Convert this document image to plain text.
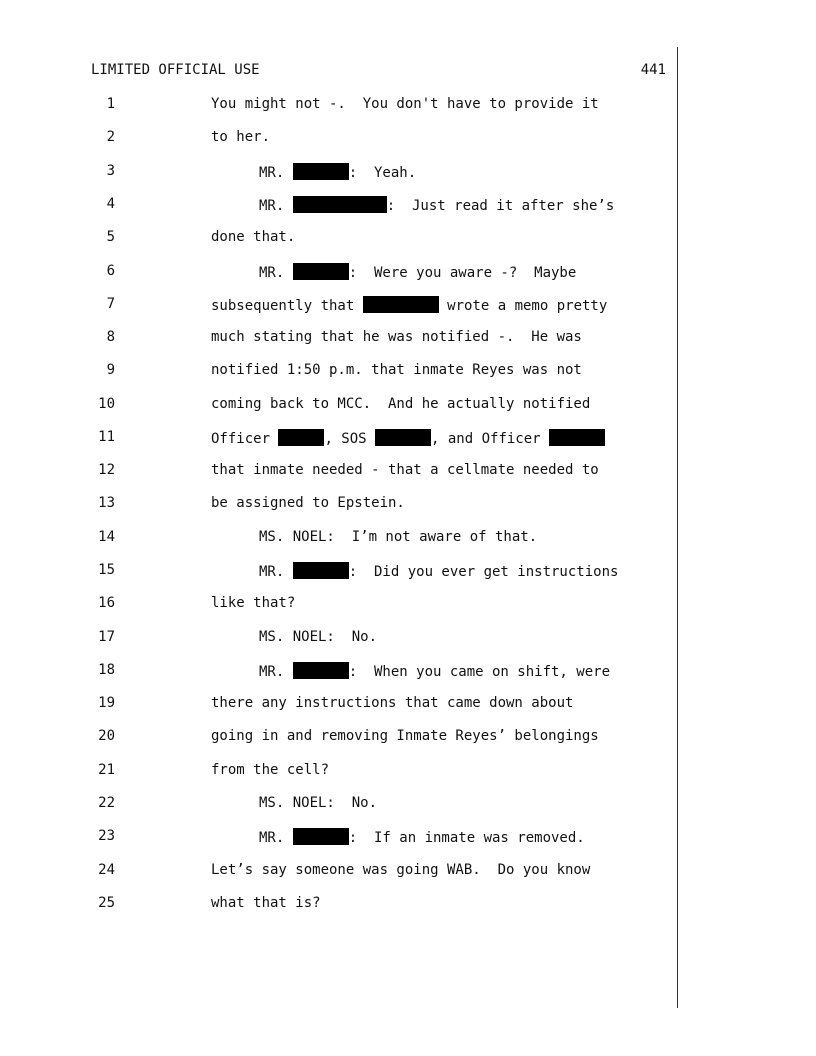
LIMITED OFFICIAL USE	441
1	You might not -.  You don't have to provide it
2	to her.
3	MR.	:  Yeah.
4	MR.	:  Just read it after she’s
5	done that.
6	MR.	:  Were you aware -?  Maybe
7	subsequently that	wrote a memo pretty
8	much stating that he was notified -.  He was
9	notified 1:50 p.m. that inmate Reyes was not
10	coming back to MCC.  And he actually notified
11	Officer	, SOS	, and Officer
12	that inmate needed - that a cellmate needed to
13	be assigned to Epstein.
14	MS. NOEL:  I’m not aware of that.
15	MR.	:  Did you ever get instructions
16	like that?
17	MS. NOEL:  No.
18	MR.	:  When you came on shift, were
19	there any instructions that came down about
20	going in and removing Inmate Reyes’ belongings
21	from the cell?
22	MS. NOEL:  No.
23	MR.	:  If an inmate was removed.
24	Let’s say someone was going WAB.  Do you know
25	what that is?
